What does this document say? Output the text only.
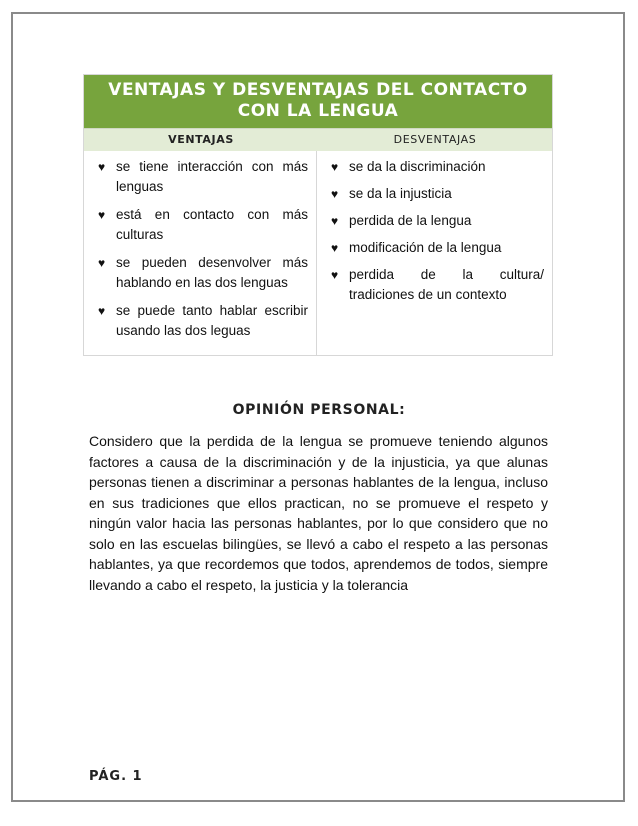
VENTAJAS Y DESVENTAJAS DEL CONTACTO CON LA LENGUA
VENTAJAS	DESVENTAJAS
♥ se tiene interacción con más lenguas
♥ está en contacto con más culturas
♥ se pueden desenvolver más hablando en las dos lenguas
♥ se puede tanto hablar escribir usando las dos leguas
♥ se da la discriminación
♥ se da la injusticia
♥ perdida de la lengua
♥ modificación de la lengua
♥ perdida de la cultura/ tradiciones de un contexto
OPINIÓN PERSONAL:

Considero que la perdida de la lengua se promueve teniendo algunos factores a causa de la discriminación y de la injusticia, ya que alunas personas tienen a discriminar a personas hablantes de la lengua, incluso en sus tradiciones que ellos practican, no se promueve el respeto y ningún valor hacia las personas hablantes, por lo que considero que no solo en las escuelas bilingües, se llevó a cabo el respeto a las personas hablantes, ya que recordemos que todos, aprendemos de todos, siempre llevando a cabo el respeto, la justicia y la tolerancia

PÁG. 1
